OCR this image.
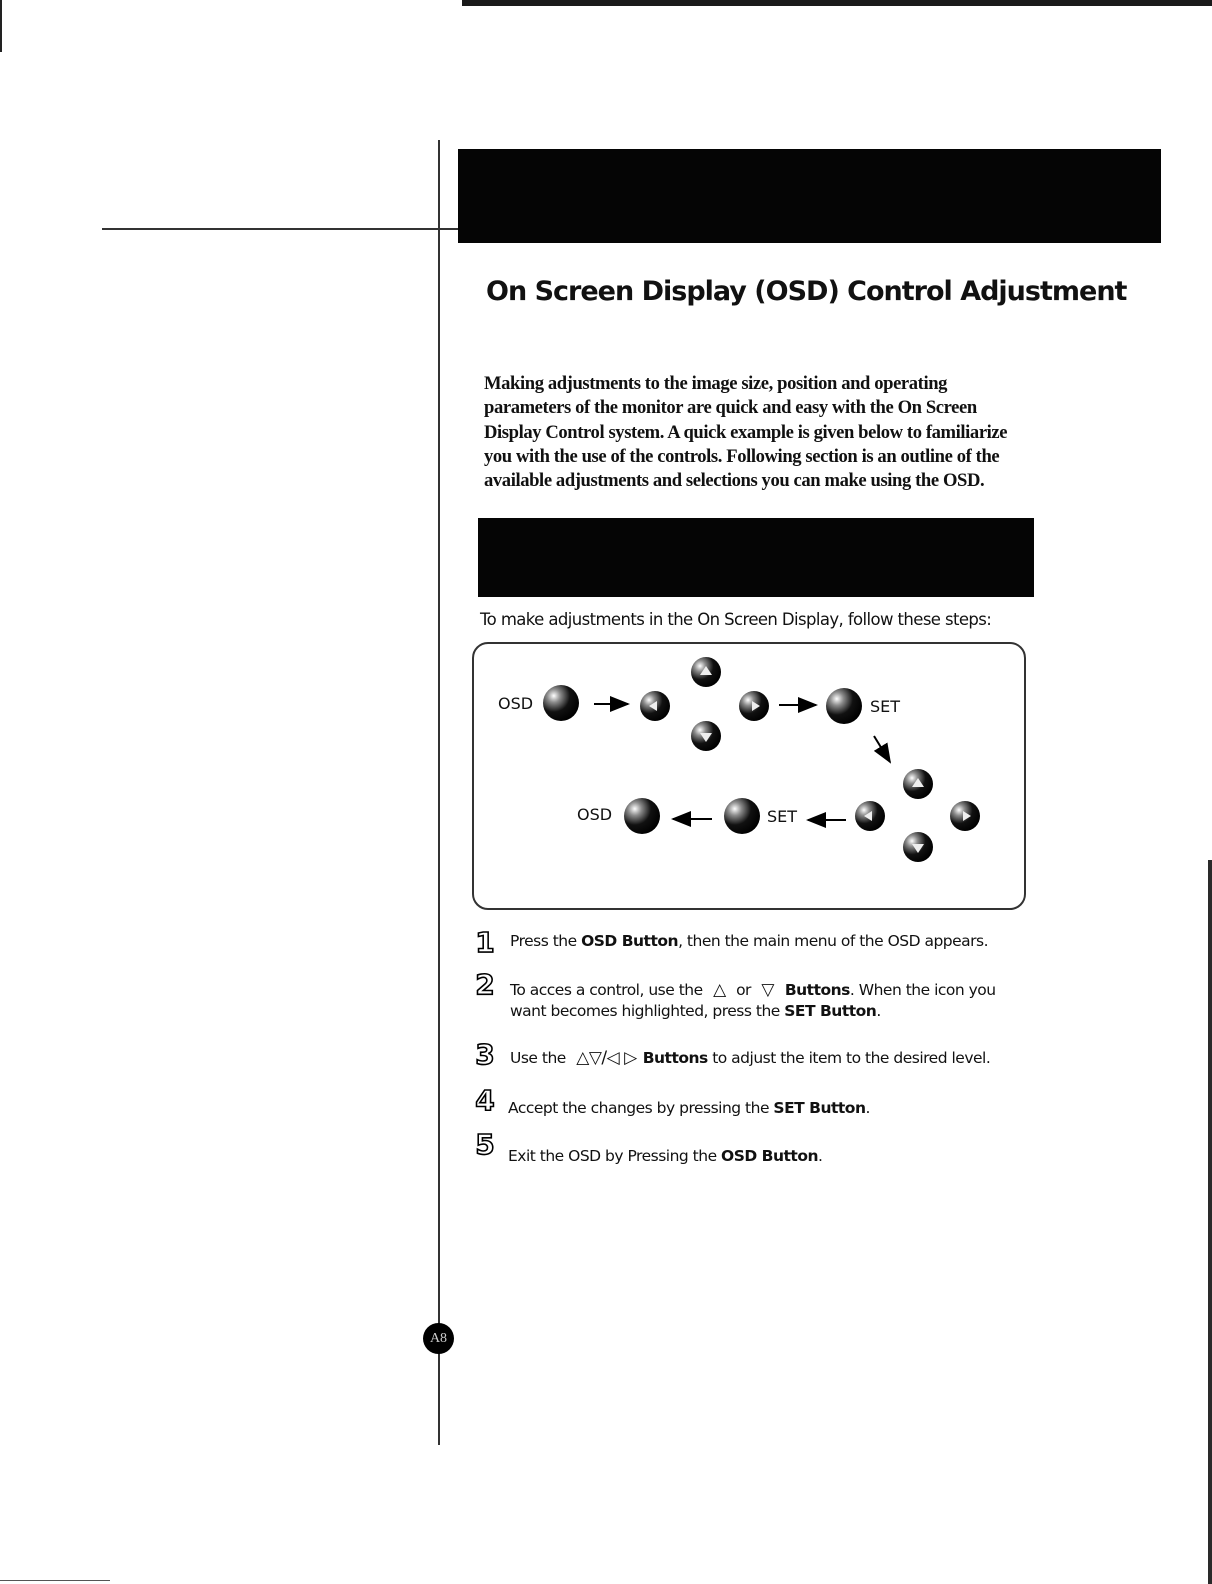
On Screen Display (OSD) Control Adjustment
Making adjustments to the image size, position and operating parameters of the monitor are quick and easy with the On Screen Display Control system. A quick example is given below to familiarize you with the use of the controls. Following section is an outline of the available adjustments and selections you can make using the OSD.
To make adjustments in the On Screen Display, follow these steps:
OSD	SET
SET
OSD
1 Press the OSD Button, then the main menu of the OSD appears.
2 To acces a control, use the △ or ▽ Buttons. When the icon you
want becomes highlighted, press the SET Button.
3 Use the △▽/◁ ▷ Buttons to adjust the item to the desired level.
4 Accept the changes by pressing the SET Button.
5 Exit the OSD by Pressing the OSD Button.
A8
